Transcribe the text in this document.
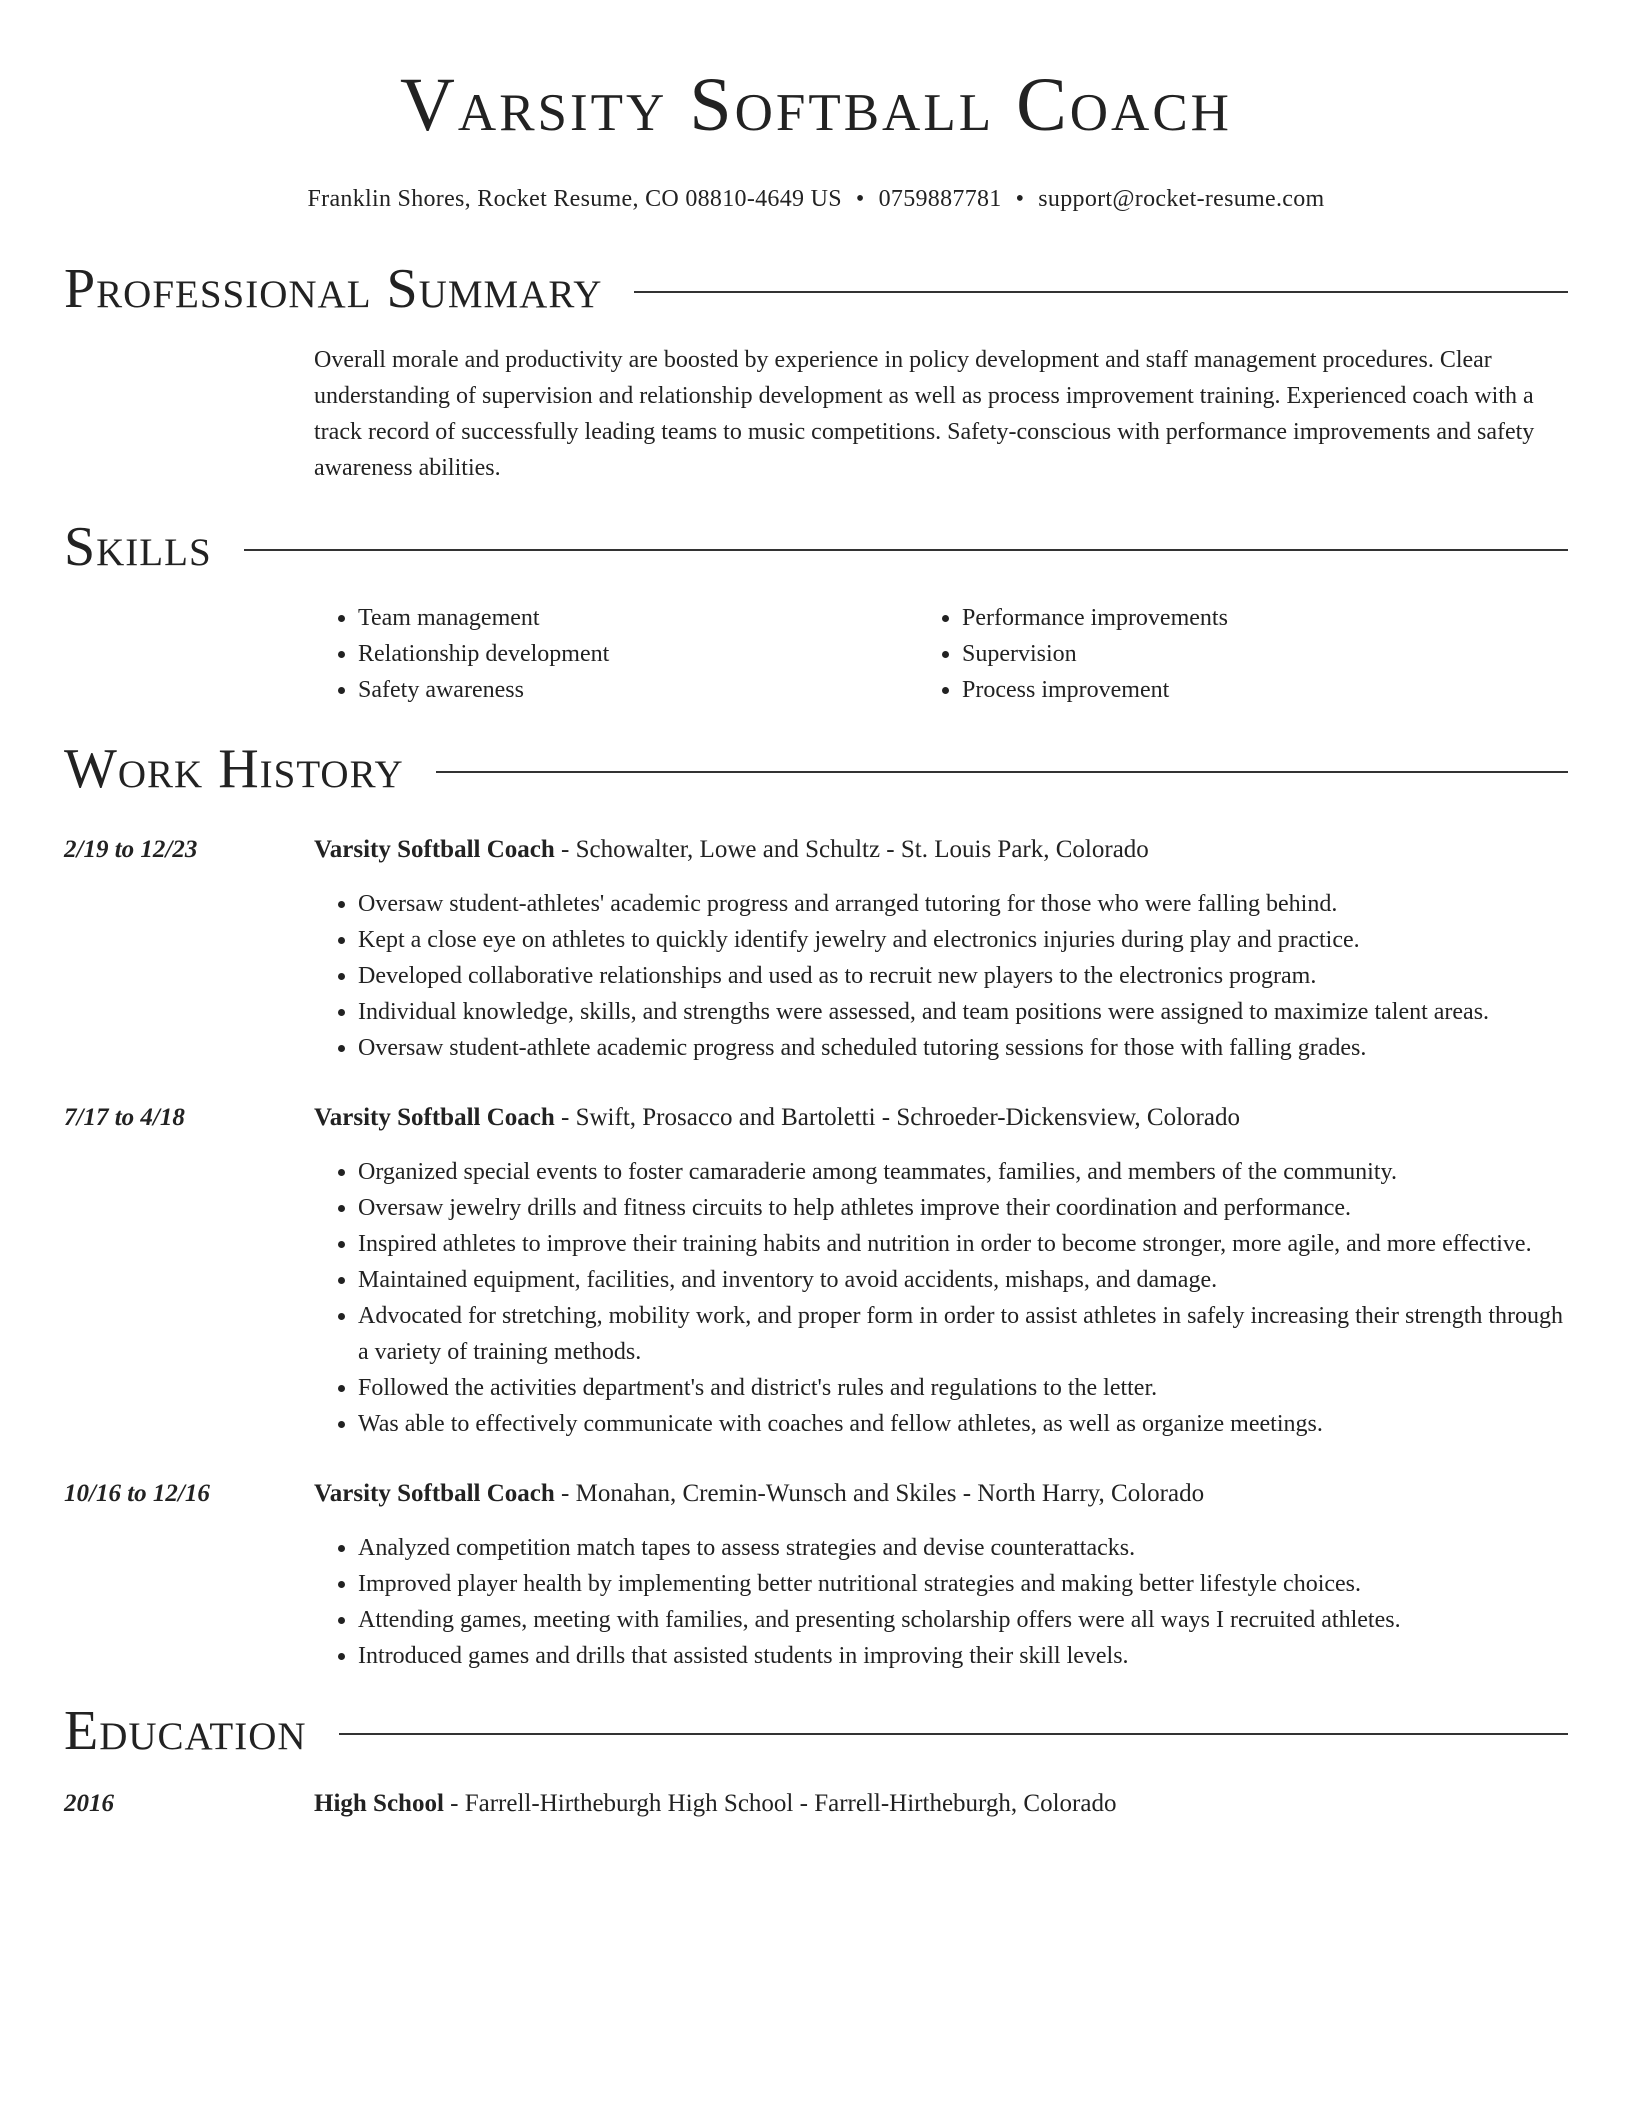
Varsity Softball Coach
Franklin Shores, Rocket Resume, CO 08810-4649 US • 0759887781 • support@rocket-resume.com
Professional Summary
Overall morale and productivity are boosted by experience in policy development and staff management procedures. Clear understanding of supervision and relationship development as well as process improvement training. Experienced coach with a track record of successfully leading teams to music competitions. Safety-conscious with performance improvements and safety awareness abilities.
Skills
• Team management
• Relationship development
• Safety awareness
• Performance improvements
• Supervision
• Process improvement
Work History
2/19 to 12/23	Varsity Softball Coach - Schowalter, Lowe and Schultz - St. Louis Park, Colorado
• Oversaw student-athletes' academic progress and arranged tutoring for those who were falling behind.
• Kept a close eye on athletes to quickly identify jewelry and electronics injuries during play and practice.
• Developed collaborative relationships and used as to recruit new players to the electronics program.
• Individual knowledge, skills, and strengths were assessed, and team positions were assigned to maximize talent areas.
• Oversaw student-athlete academic progress and scheduled tutoring sessions for those with falling grades.
7/17 to 4/18	Varsity Softball Coach - Swift, Prosacco and Bartoletti - Schroeder-Dickensview, Colorado
• Organized special events to foster camaraderie among teammates, families, and members of the community.
• Oversaw jewelry drills and fitness circuits to help athletes improve their coordination and performance.
• Inspired athletes to improve their training habits and nutrition in order to become stronger, more agile, and more effective.
• Maintained equipment, facilities, and inventory to avoid accidents, mishaps, and damage.
• Advocated for stretching, mobility work, and proper form in order to assist athletes in safely increasing their strength through a variety of training methods.
• Followed the activities department's and district's rules and regulations to the letter.
• Was able to effectively communicate with coaches and fellow athletes, as well as organize meetings.
10/16 to 12/16	Varsity Softball Coach - Monahan, Cremin-Wunsch and Skiles - North Harry, Colorado
• Analyzed competition match tapes to assess strategies and devise counterattacks.
• Improved player health by implementing better nutritional strategies and making better lifestyle choices.
• Attending games, meeting with families, and presenting scholarship offers were all ways I recruited athletes.
• Introduced games and drills that assisted students in improving their skill levels.
Education
2016	High School - Farrell-Hirtheburgh High School - Farrell-Hirtheburgh, Colorado
